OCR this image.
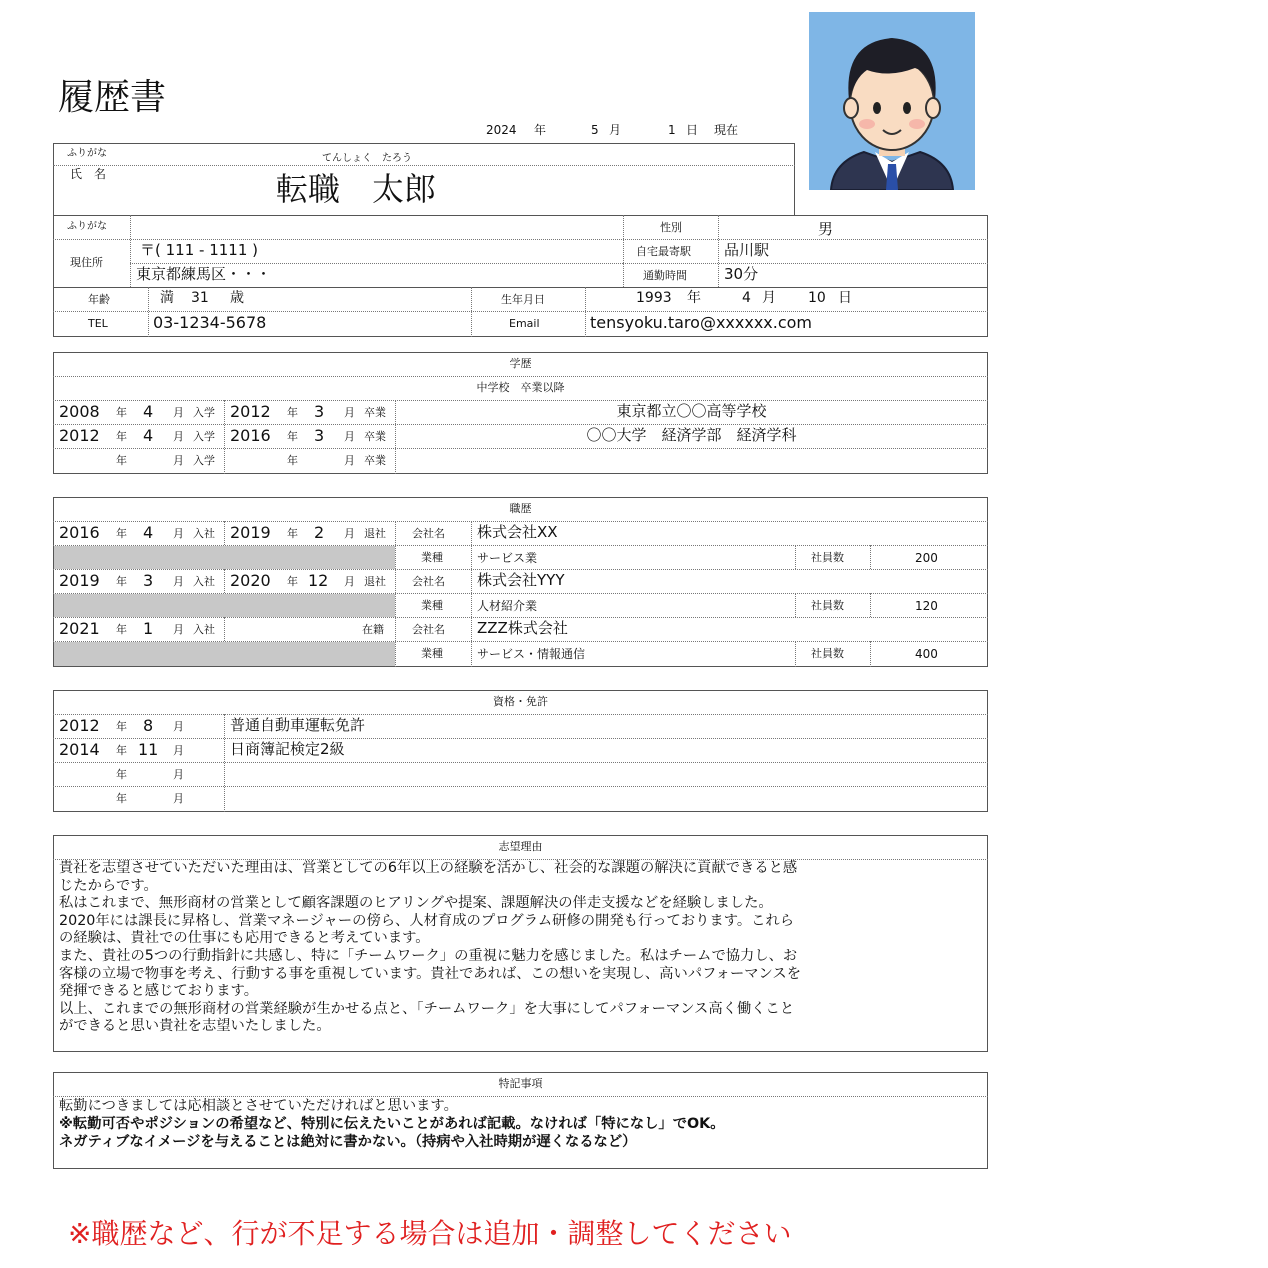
履歴書
2024 年	5 月	1 日 現在
ふりがな
氏　名
てんしょく　たろう
転職　太郎
ふりがな
現住所
〒( 111 - 1111 )
東京都練馬区・・・
性別	男
自宅最寄駅 品川駅
通勤時間 30分
年齢	満 31 歳	生年月日	1993 年	4 月 10 日
TEL	03-1234-5678	Email	tensyoku.taro@xxxxxx.com
学歴
中学校　卒業以降
2008 年 4 月 入学 2012 年 3 月 卒業	東京都立〇〇高等学校
2012 年 4 月 入学 2016 年 3 月 卒業	〇〇大学　経済学部　経済学科
年	月 入学	年	月 卒業
職歴
2016 年 4 月 入社 2019 年 2 月 退社 会社名 株式会社XX
業種	サービス業	社員数	200
2019 年 3 月 入社 2020 年 12 月 退社 会社名 株式会社YYY
業種	人材紹介業	社員数	120
2021 年 1 月 入社	在籍	会社名 ZZZ株式会社
業種	サービス・情報通信	社員数	400
資格・免許
2012 年 8 月	普通自動車運転免許
2014 年 11 月	日商簿記検定2級
年	月
年	月
志望理由
貴社を志望させていただいた理由は、営業としての6年以上の経験を活かし、社会的な課題の解決に貢献できると感
じたからです。
私はこれまで、無形商材の営業として顧客課題のヒアリングや提案、課題解決の伴走支援などを経験しました。
2020年には課長に昇格し、営業マネージャーの傍ら、人材育成のプログラム研修の開発も行っております。これら
の経験は、貴社での仕事にも応用できると考えています。
また、貴社の5つの行動指針に共感し、特に「チームワーク」の重視に魅力を感じました。私はチームで協力し、お
客様の立場で物事を考え、行動する事を重視しています。貴社であれば、この想いを実現し、高いパフォーマンスを
発揮できると感じております。
以上、これまでの無形商材の営業経験が生かせる点と、「チームワーク」を大事にしてパフォーマンス高く働くこと
ができると思い貴社を志望いたしました。
特記事項
転勤につきましては応相談とさせていただければと思います。
※転勤可否やポジションの希望など、特別に伝えたいことがあれば記載。なければ「特になし」でOK。
ネガティブなイメージを与えることは絶対に書かない。（持病や入社時期が遅くなるなど）
※職歴など、行が不足する場合は追加・調整してください
